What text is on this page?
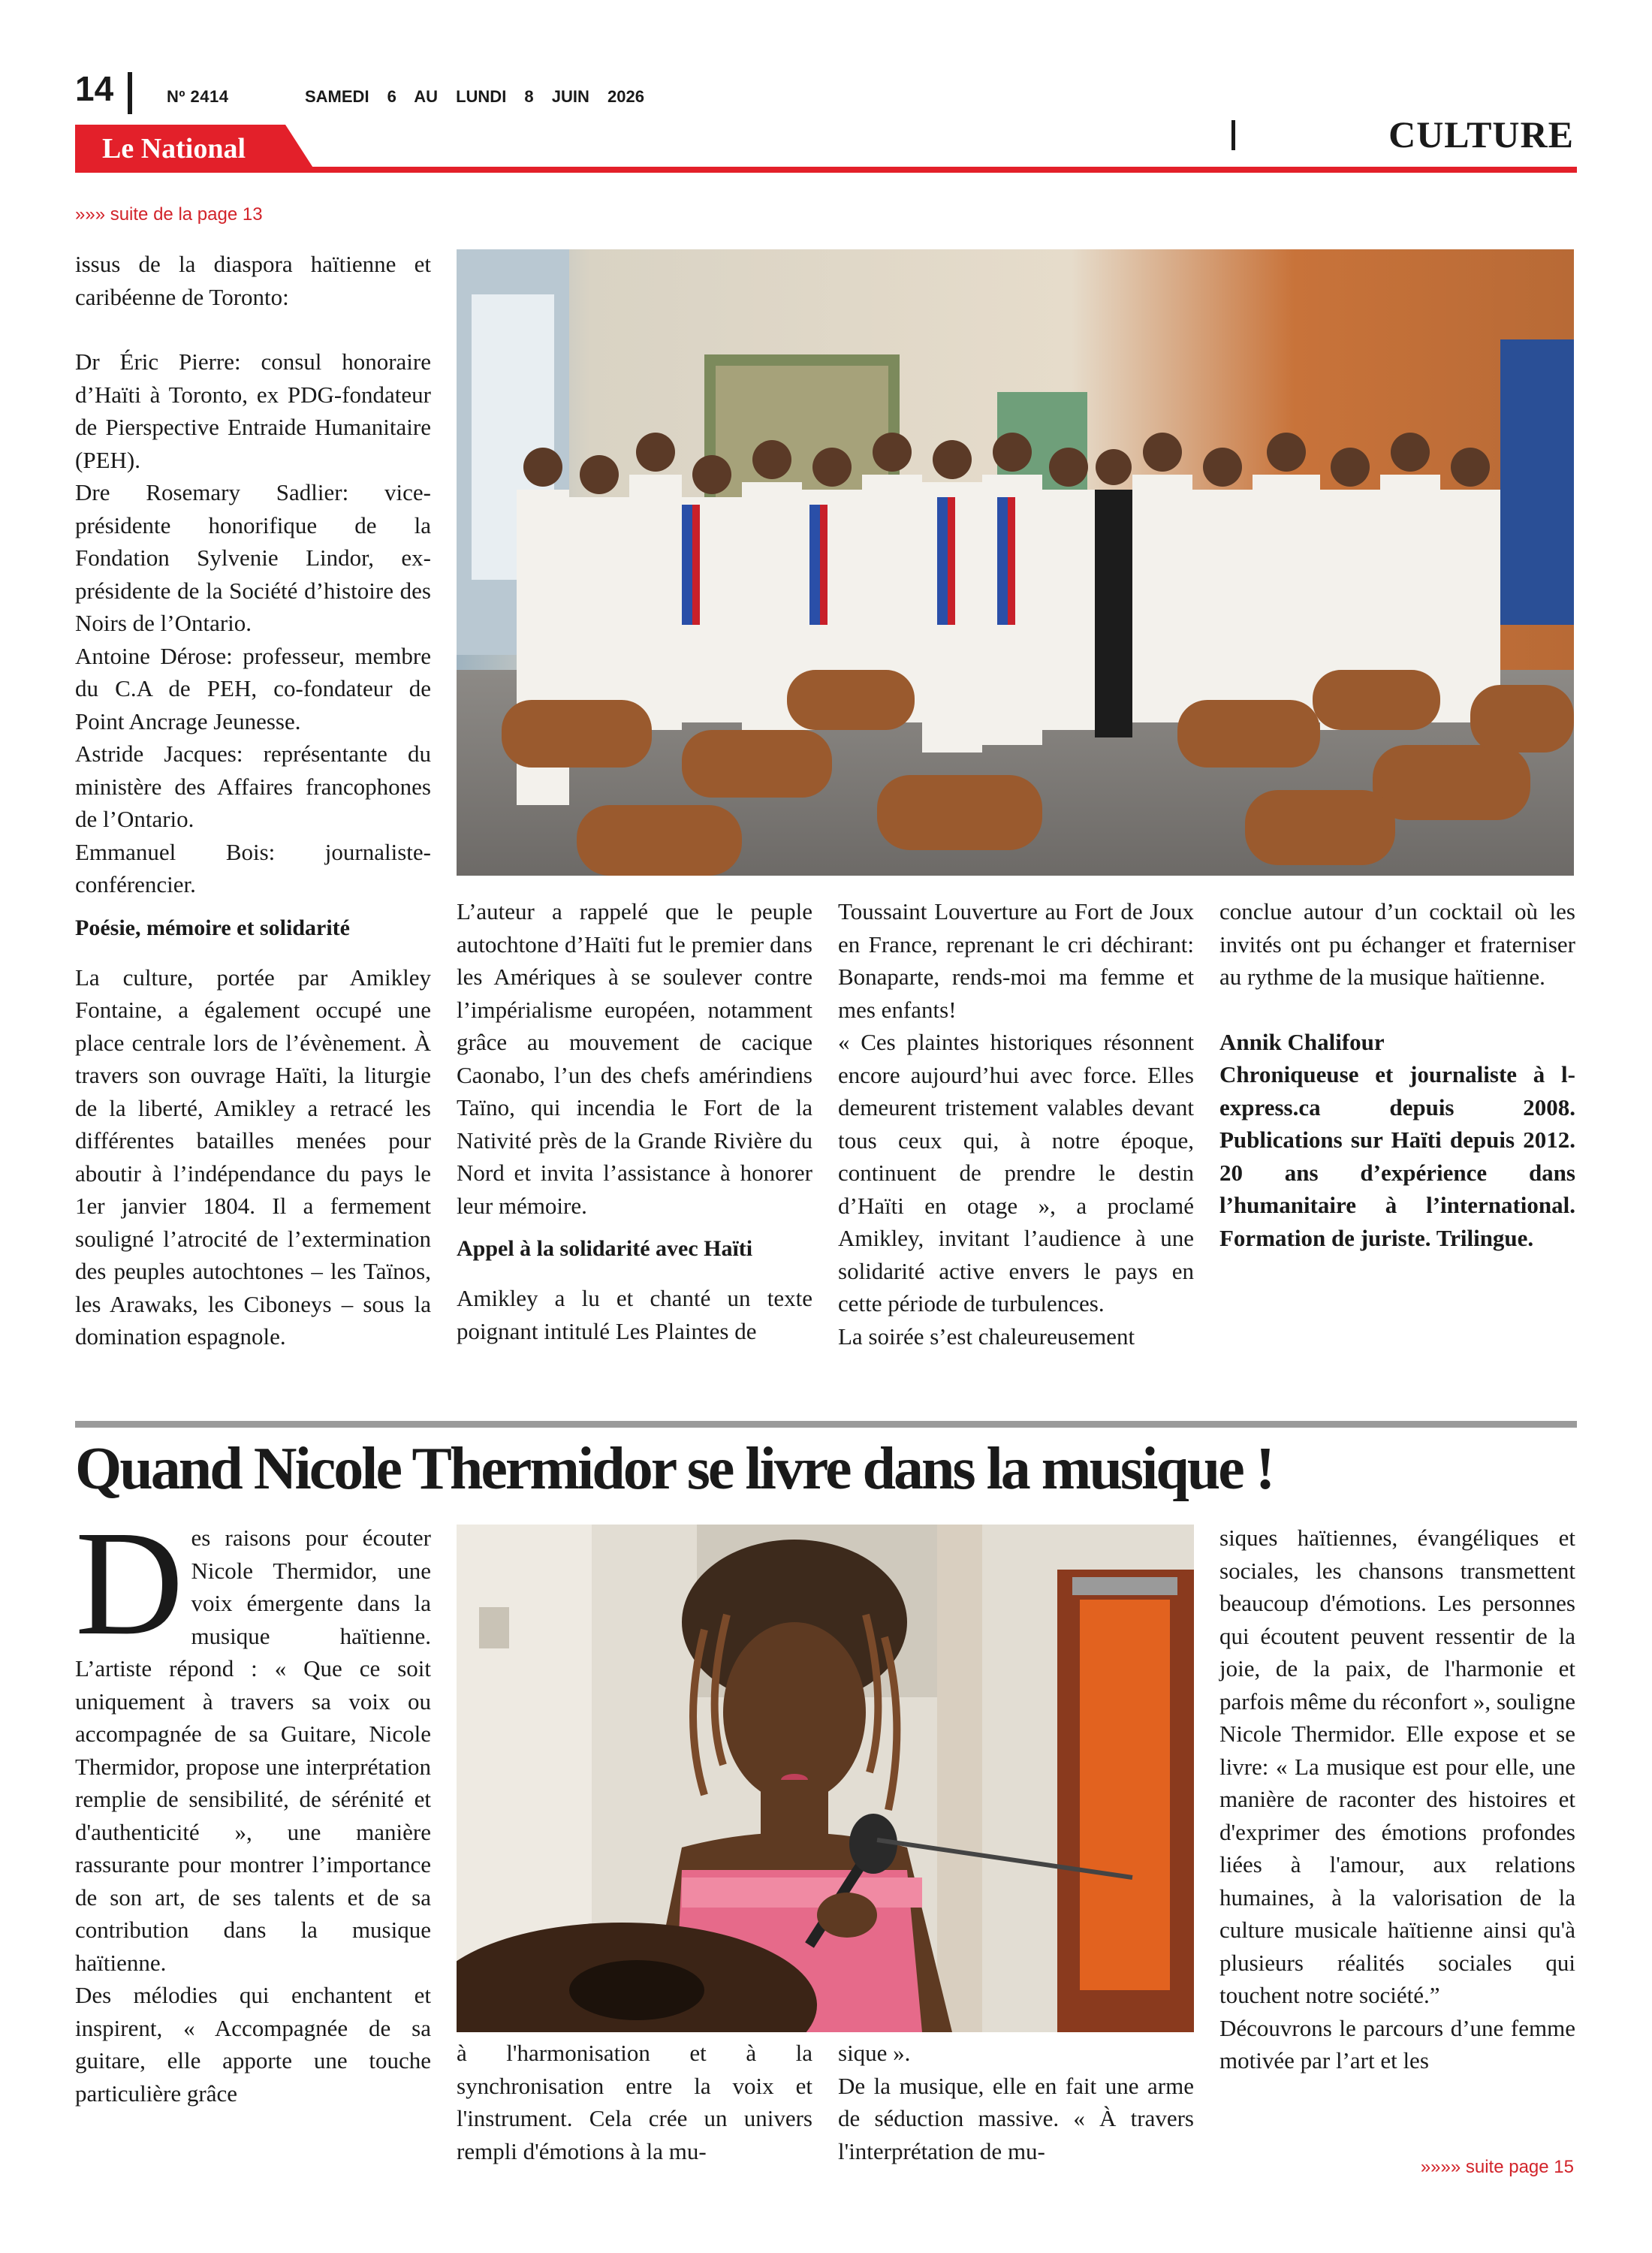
14	Nº 2414	SAMEDI 6 AU LUNDI 8 JUIN 2026
CULTURE
Le National
»»» suite de la page 13

issus de la diaspora haïtienne et caribéenne de Toronto:

Dr Éric Pierre: consul honoraire d’Haïti à Toronto, ex PDG-fondateur de Pierspective Entraide Humanitaire (PEH).

Dre Rosemary Sadlier: vice-présidente honorifique de la Fondation Sylvenie Lindor, ex-présidente de la Société d’histoire des Noirs de l’Ontario.

Antoine Dérose: professeur, membre du C.A de PEH, co-fondateur de Point Ancrage Jeunesse.

Astride Jacques: représentante du ministère des Affaires francophones de l’Ontario.

Emmanuel Bois: journaliste-conférencier.

Poésie, mémoire et solidarité

La culture, portée par Amikley Fontaine, a également occupé une place centrale lors de l’évènement. À travers son ouvrage Haïti, la liturgie de la liberté, Amikley a retracé les différentes batailles menées pour aboutir à l’indépendance du pays le 1er janvier 1804. Il a fermement souligné l’atrocité de l’extermination des peuples autochtones – les Taïnos, les Arawaks, les Ciboneys – sous la domination espagnole.

L’auteur a rappelé que le peuple autochtone d’Haïti fut le premier dans les Amériques à se soulever contre l’impérialisme européen, notamment grâce au mouvement de cacique Caonabo, l’un des chefs amérindiens Taïno, qui incendia le Fort de la Nativité près de la Grande Rivière du Nord et invita l’assistance à honorer leur mémoire.

Appel à la solidarité avec Haïti

Amikley a lu et chanté un texte poignant intitulé Les Plaintes de

Toussaint Louverture au Fort de Joux en France, reprenant le cri déchirant: Bonaparte, rends-moi ma femme et mes enfants!

« Ces plaintes historiques résonnent encore aujourd’hui avec force. Elles demeurent tristement valables devant tous ceux qui, à notre époque, continuent de prendre le destin d’Haïti en otage », a proclamé Amikley, invitant l’audience à une solidarité active envers le pays en cette période de turbulences.

La soirée s’est chaleureusement

conclue autour d’un cocktail où les invités ont pu échanger et fraterniser au rythme de la musique haïtienne.

Annik Chalifour

Chroniqueuse et journaliste à l-express.ca depuis 2008. Publications sur Haïti depuis 2012. 20 ans d’expérience dans l’humanitaire à l’international. Formation de juriste. Trilingue.

Quand Nicole Thermidor se livre dans la musique !
D es raisons pour écouter Nicole Thermidor, une voix émergente dans la musique haïtienne. L’artiste répond : « Que ce soit uniquement à travers sa voix ou accompagnée de sa Guitare, Nicole Thermidor, propose une interprétation remplie de sensibilité, de sérénité et d'authenticité », une manière rassurante pour montrer l’importance de son art, de ses talents et de sa contribution dans la musique haïtienne.

Des mélodies qui enchantent et inspirent, « Accompagnée de sa guitare, elle apporte une touche particulière grâce

à l'harmonisation et à la synchronisation entre la voix et l'instrument. Cela crée un univers rempli d'émotions à la mu-

sique ».

De la musique, elle en fait une arme de séduction massive. « À travers l'interprétation de mu-

siques haïtiennes, évangéliques et sociales, les chansons transmettent beaucoup d'émotions. Les personnes qui écoutent peuvent ressentir de la joie, de la paix, de l'harmonie et parfois même du réconfort », souligne Nicole Thermidor. Elle expose et se livre: « La musique est pour elle, une manière de raconter des histoires et d'exprimer des émotions profondes liées à l'amour, aux relations humaines, à la valorisation de la culture musicale haïtienne ainsi qu'à plusieurs réalités sociales qui touchent notre société.”

Découvrons le parcours d’une femme motivée par l’art et les

»»»» suite page 15
